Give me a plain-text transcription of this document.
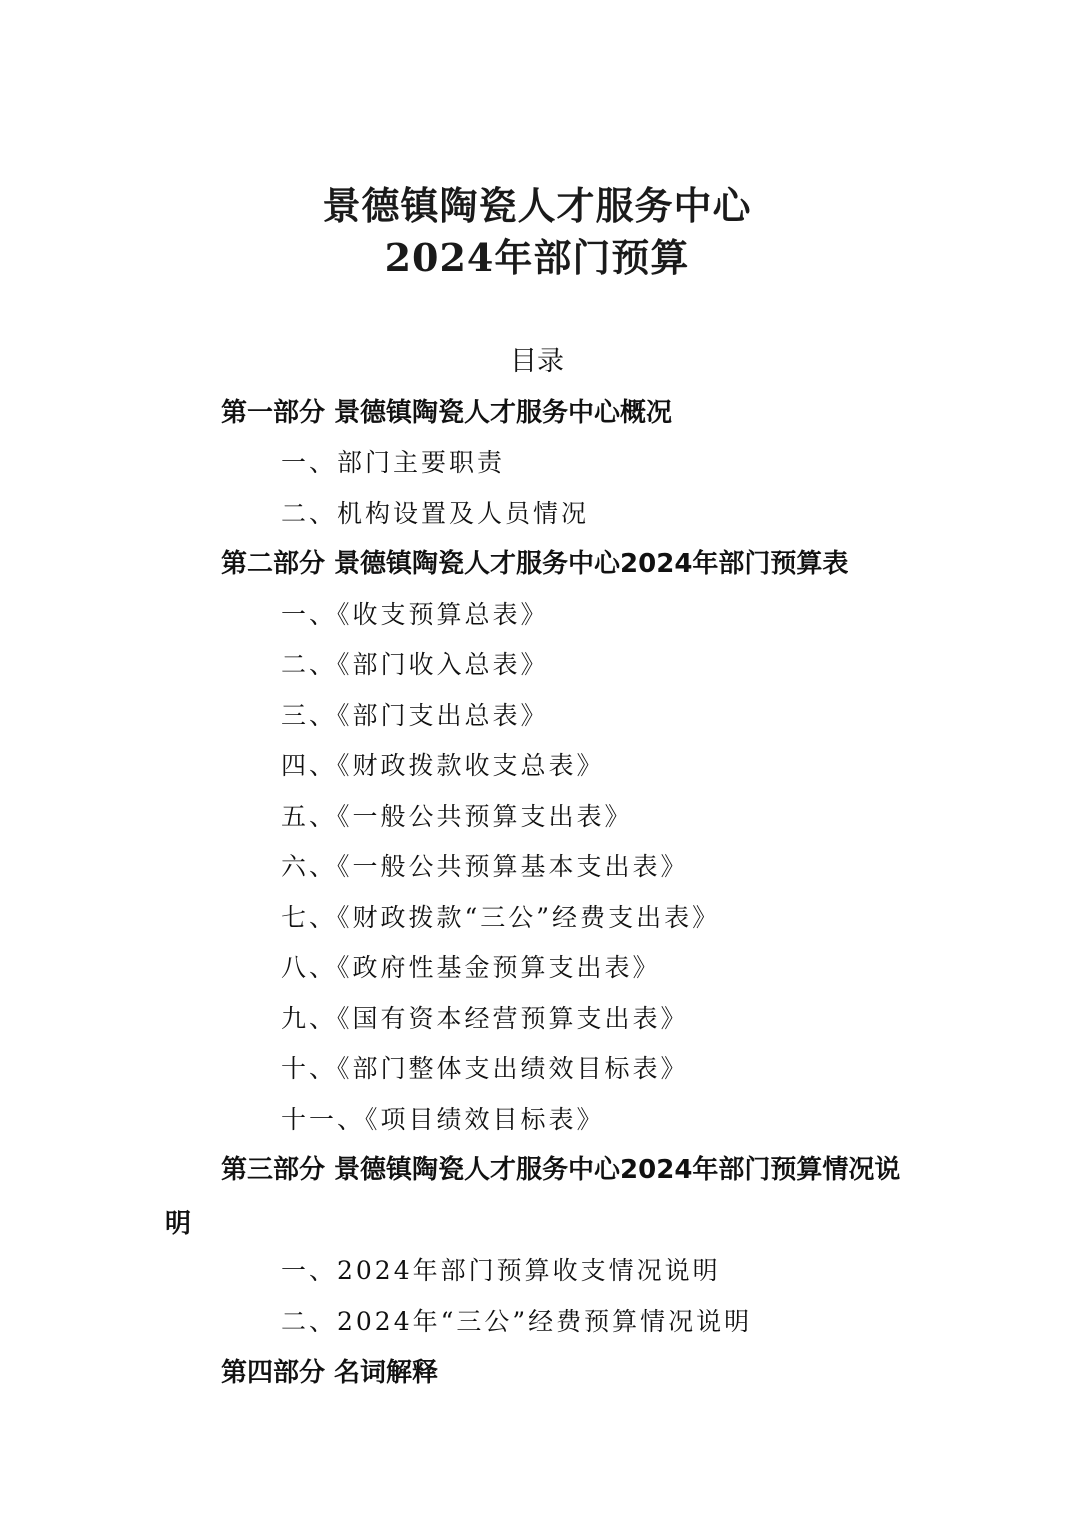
景德镇陶瓷人才服务中心
2024年部门预算
目录
第一部分 景德镇陶瓷人才服务中心概况
一、部门主要职责
二、机构设置及人员情况
第二部分 景德镇陶瓷人才服务中心2024年部门预算表
一、《收支预算总表》
二、《部门收入总表》
三、《部门支出总表》
四、《财政拨款收支总表》
五、《一般公共预算支出表》
六、《一般公共预算基本支出表》
七、《财政拨款“三公”经费支出表》
八、《政府性基金预算支出表》
九、《国有资本经营预算支出表》
十、《部门整体支出绩效目标表》
十一、《项目绩效目标表》
第三部分 景德镇陶瓷人才服务中心2024年部门预算情况说明
一、2024年部门预算收支情况说明
二、2024年“三公”经费预算情况说明
第四部分 名词解释
